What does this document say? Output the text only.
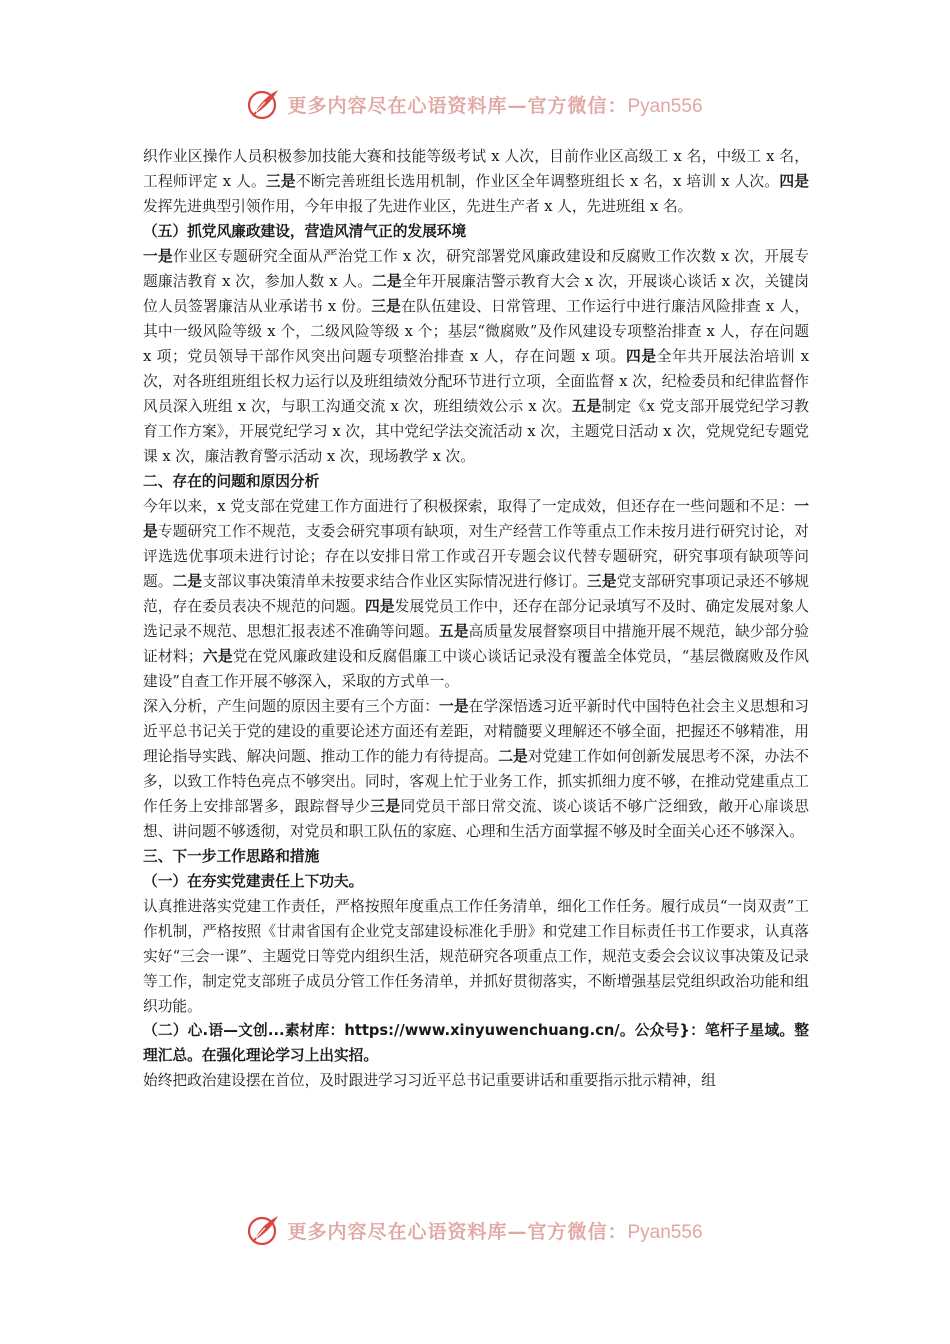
更多内容尽在心语资料库—官方微信：Pyan556

织作业区操作人员积极参加技能大赛和技能等级考试 x 人次，目前作业区高级工 x 名，中级工 x 名，工程师评定 x 人。三是不断完善班组长选用机制，作业区全年调整班组长 x 名，x 培训 x 人次。四是发挥先进典型引领作用，今年申报了先进作业区，先进生产者 x 人，先进班组 x 名。

（五）抓党风廉政建设，营造风清气正的发展环境

一是作业区专题研究全面从严治党工作 x 次，研究部署党风廉政建设和反腐败工作次数 x 次，开展专题廉洁教育 x 次，参加人数 x 人。二是全年开展廉洁警示教育大会 x 次，开展谈心谈话 x 次，关键岗位人员签署廉洁从业承诺书 x 份。三是在队伍建设、日常管理、工作运行中进行廉洁风险排查 x 人，其中一级风险等级 x 个，二级风险等级 x 个；基层“微腐败”及作风建设专项整治排查 x 人，存在问题 x 项；党员领导干部作风突出问题专项整治排查 x 人，存在问题 x 项。四是全年共开展法治培训 x 次，对各班组班组长权力运行以及班组绩效分配环节进行立项，全面监督 x 次，纪检委员和纪律监督作风员深入班组 x 次，与职工沟通交流 x 次，班组绩效公示 x 次。五是制定《x 党支部开展党纪学习教育工作方案》，开展党纪学习 x 次，其中党纪学法交流活动 x 次，主题党日活动 x 次，党规党纪专题党课 x 次，廉洁教育警示活动 x 次，现场教学 x 次。

二、存在的问题和原因分析

今年以来，x 党支部在党建工作方面进行了积极探索，取得了一定成效，但还存在一些问题和不足：一是专题研究工作不规范，支委会研究事项有缺项，对生产经营工作等重点工作未按月进行研究讨论，对评选选优事项未进行讨论；存在以安排日常工作或召开专题会议代替专题研究，研究事项有缺项等问题。二是支部议事决策清单未按要求结合作业区实际情况进行修订。三是党支部研究事项记录还不够规范，存在委员表决不规范的问题。四是发展党员工作中，还存在部分记录填写不及时、确定发展对象人选记录不规范、思想汇报表述不准确等问题。五是高质量发展督察项目中措施开展不规范，缺少部分验证材料；六是党在党风廉政建设和反腐倡廉工中谈心谈话记录没有覆盖全体党员，“基层微腐败及作风建设”自查工作开展不够深入，采取的方式单一。

深入分析，产生问题的原因主要有三个方面：一是在学深悟透习近平新时代中国特色社会主义思想和习近平总书记关于党的建设的重要论述方面还有差距，对精髓要义理解还不够全面，把握还不够精准，用理论指导实践、解决问题、推动工作的能力有待提高。二是对党建工作如何创新发展思考不深，办法不多，以致工作特色亮点不够突出。同时，客观上忙于业务工作，抓实抓细力度不够，在推动党建重点工作任务上安排部署多，跟踪督导少三是同党员干部日常交流、谈心谈话不够广泛细致，敞开心扉谈思想、讲问题不够透彻，对党员和职工队伍的家庭、心理和生活方面掌握不够及时全面关心还不够深入。

三、下一步工作思路和措施

（一）在夯实党建责任上下功夫。

认真推进落实党建工作责任，严格按照年度重点工作任务清单，细化工作任务。履行成员“一岗双责”工作机制，严格按照《甘肃省国有企业党支部建设标准化手册》和党建工作目标责任书工作要求，认真落实好“三会一课”、主题党日等党内组织生活，规范研究各项重点工作，规范支委会会议议事决策及记录等工作，制定党支部班子成员分管工作任务清单，并抓好贯彻落实，不断增强基层党组织政治功能和组织功能。

（二）心.语—文创...素材库：https://www.xinyuwenchuang.cn/。公众号}：笔杆子星域。整理汇总。在强化理论学习上出实招。

始终把政治建设摆在首位，及时跟进学习习近平总书记重要讲话和重要指示批示精神，组

更多内容尽在心语资料库—官方微信：Pyan556
